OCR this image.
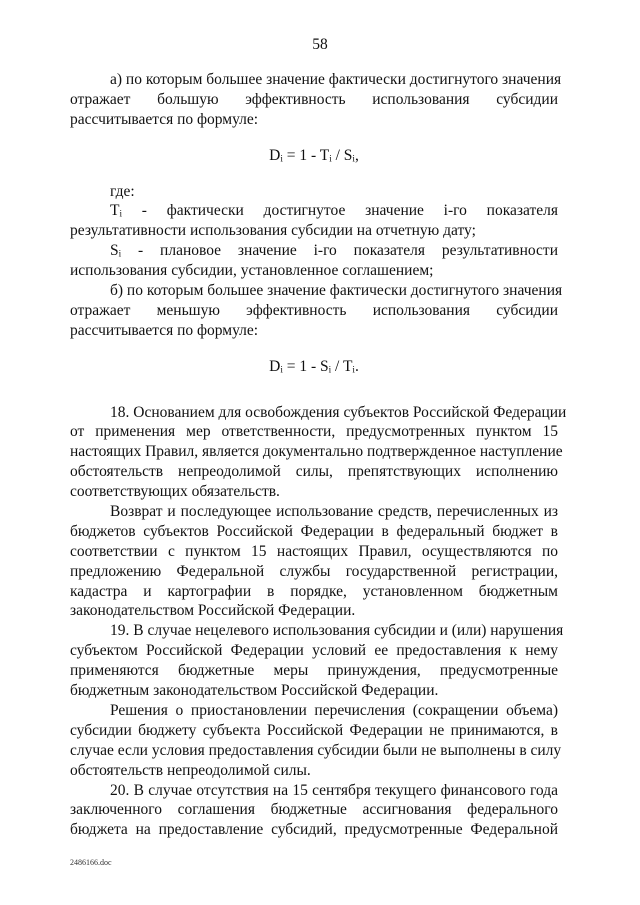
58
а) по которым большее значение фактически достигнутого значения
отражает большую эффективность использования субсидии
рассчитывается по формуле:
Dᵢ = 1 - Tᵢ / Sᵢ,
где:
Tᵢ - фактически достигнутое значение i-го показателя
результативности использования субсидии на отчетную дату;
Sᵢ - плановое значение i-го показателя результативности
использования субсидии, установленное соглашением;
б) по которым большее значение фактически достигнутого значения
отражает меньшую эффективность использования субсидии
рассчитывается по формуле:
Dᵢ = 1 - Sᵢ / Tᵢ.
18. Основанием для освобождения субъектов Российской Федерации
от применения мер ответственности, предусмотренных пунктом 15
настоящих Правил, является документально подтвержденное наступление
обстоятельств непреодолимой силы, препятствующих исполнению
соответствующих обязательств.
Возврат и последующее использование средств, перечисленных из
бюджетов субъектов Российской Федерации в федеральный бюджет в
соответствии с пунктом 15 настоящих Правил, осуществляются по
предложению Федеральной службы государственной регистрации,
кадастра и картографии в порядке, установленном бюджетным
законодательством Российской Федерации.
19. В случае нецелевого использования субсидии и (или) нарушения
субъектом Российской Федерации условий ее предоставления к нему
применяются бюджетные меры принуждения, предусмотренные
бюджетным законодательством Российской Федерации.
Решения о приостановлении перечисления (сокращении объема)
субсидии бюджету субъекта Российской Федерации не принимаются, в
случае если условия предоставления субсидии были не выполнены в силу
обстоятельств непреодолимой силы.
20. В случае отсутствия на 15 сентября текущего финансового года
заключенного соглашения бюджетные ассигнования федерального
бюджета на предоставление субсидий, предусмотренные Федеральной
2486166.doc
